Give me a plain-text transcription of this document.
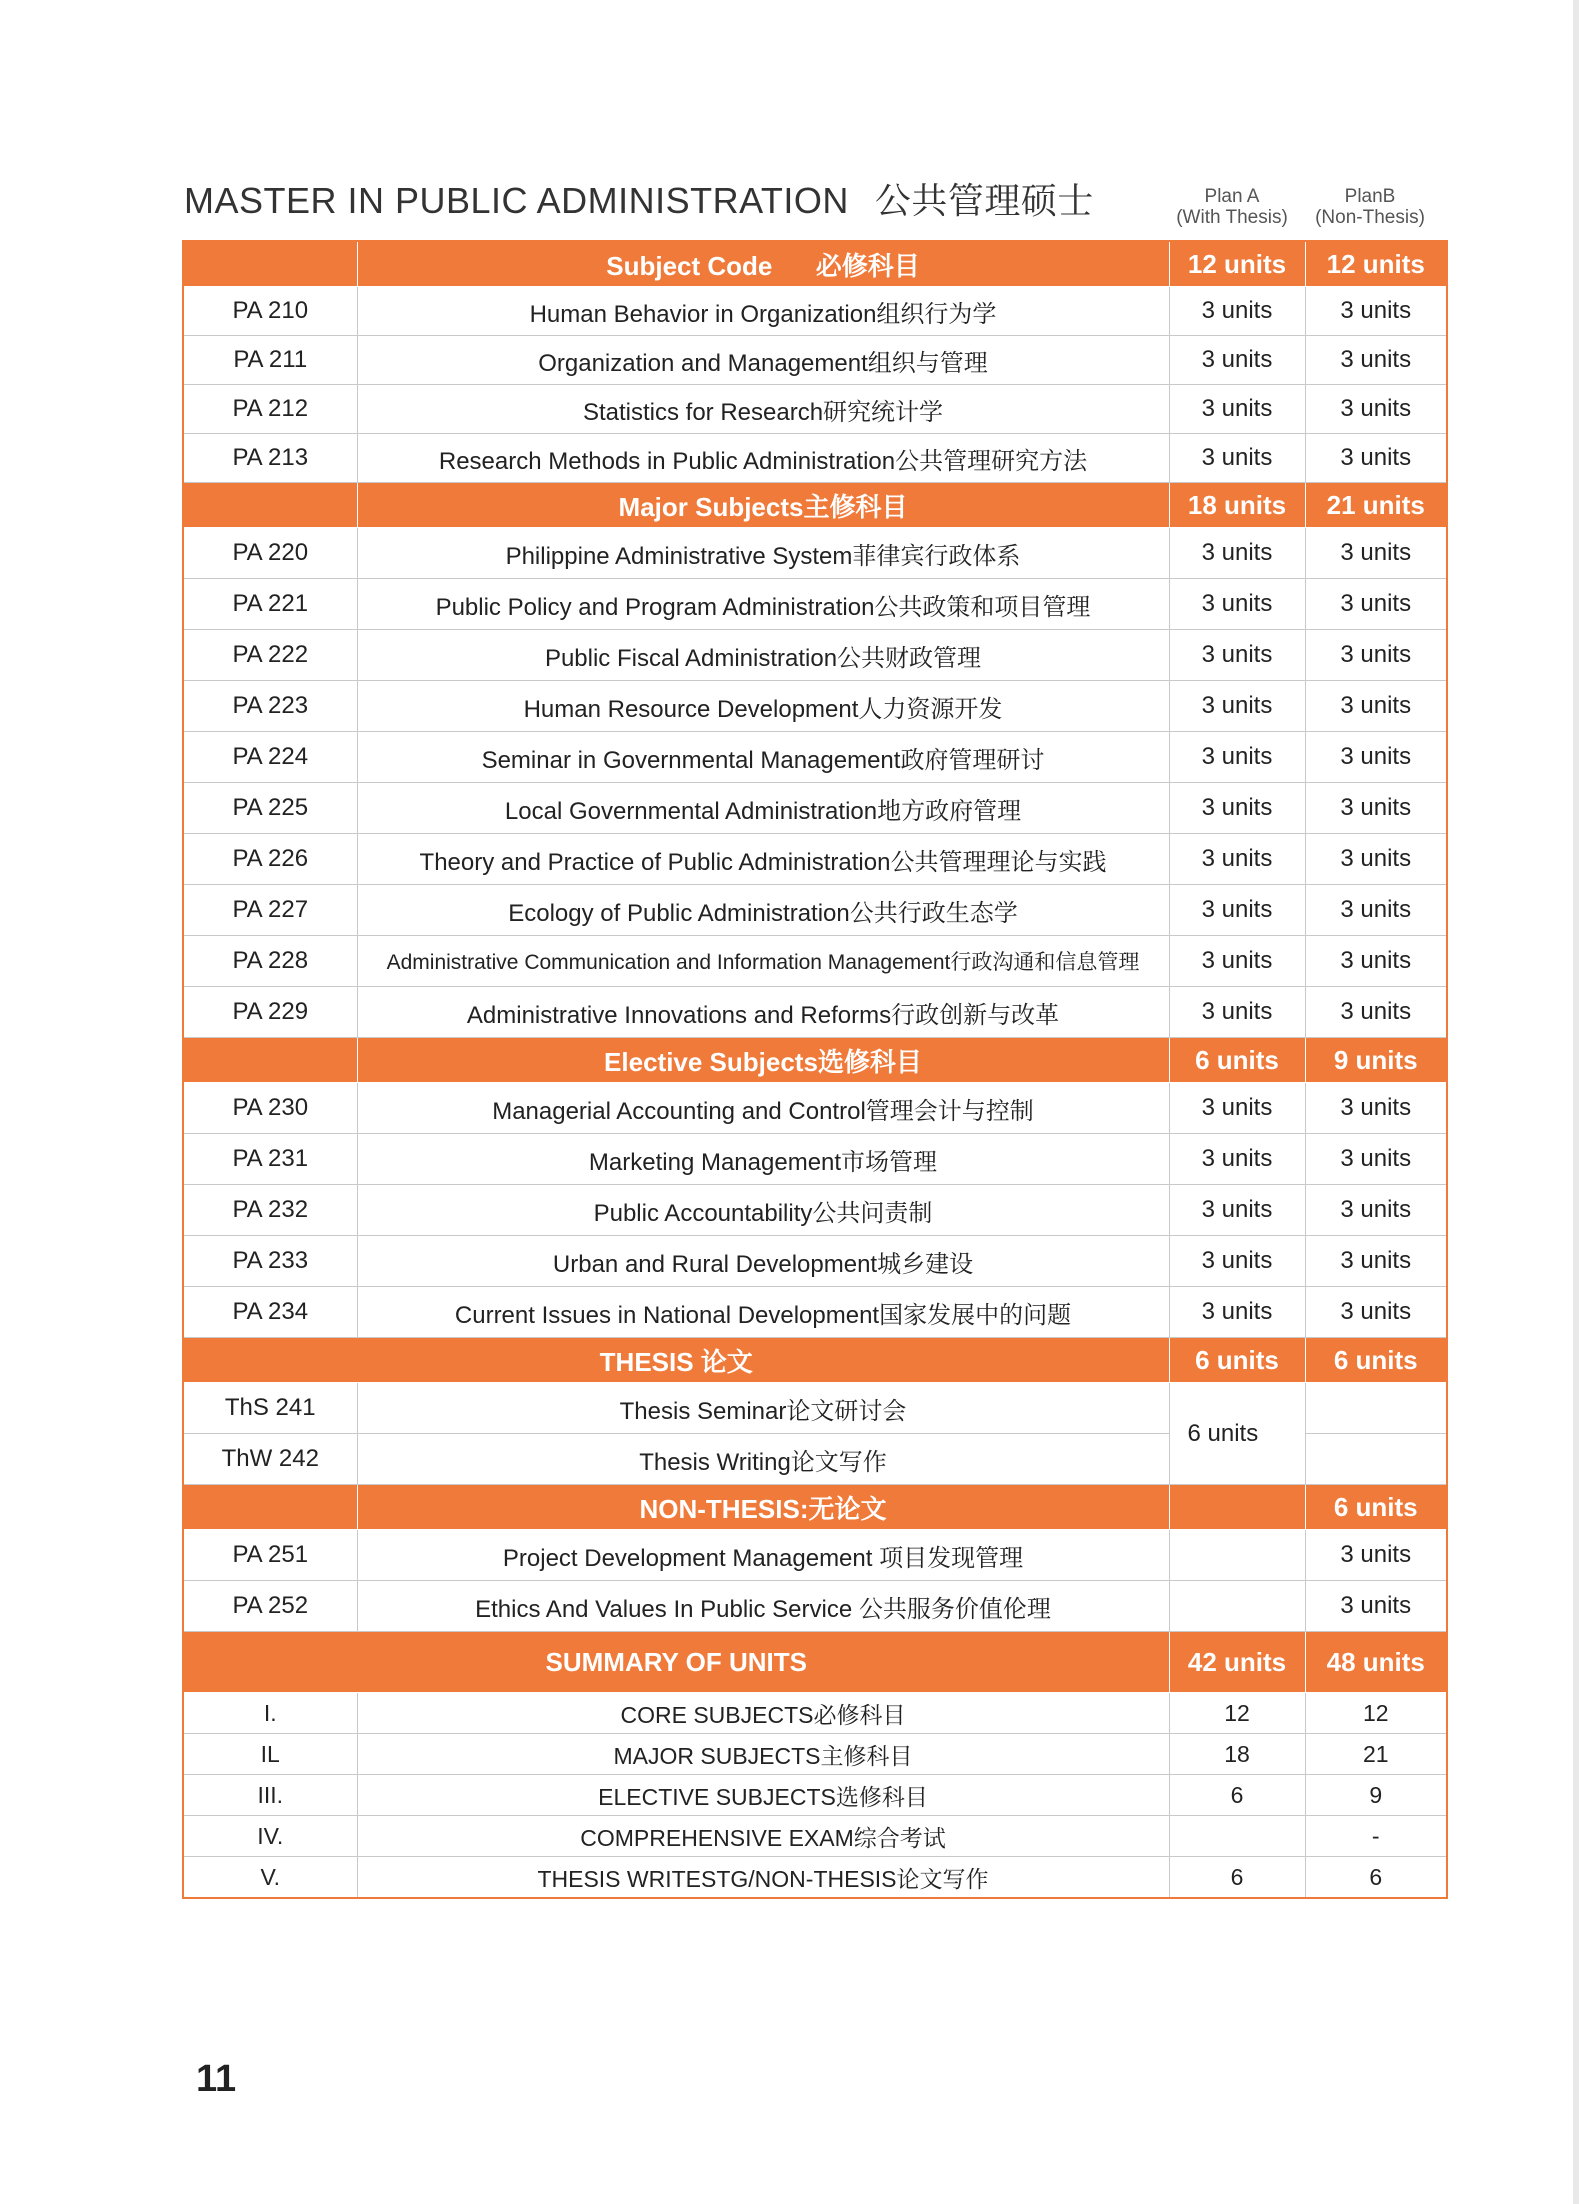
MASTER IN PUBLIC ADMINISTRATION 公共管理硕士	Plan A
(With Thesis)
PlanB
(Non-Thesis)
	Subject Code      必修科目	12 units	12 units
PA 210	Human Behavior in Organization组织行为学	3 units	3 units
PA 211	Organization and Management组织与管理	3 units	3 units
PA 212	Statistics for Research研究统计学	3 units	3 units
PA 213	Research Methods in Public Administration公共管理研究方法	3 units	3 units
	Major Subjects主修科目	18 units	21 units
PA 220	Philippine Administrative System菲律宾行政体系	3 units	3 units
PA 221	Public Policy and Program Administration公共政策和项目管理	3 units	3 units
PA 222	Public Fiscal Administration公共财政管理	3 units	3 units
PA 223	Human Resource Development人力资源开发	3 units	3 units
PA 224	Seminar in Governmental Management政府管理研讨	3 units	3 units
PA 225	Local Governmental Administration地方政府管理	3 units	3 units
PA 226	Theory and Practice of Public Administration公共管理理论与实践	3 units	3 units
PA 227	Ecology of Public Administration公共行政生态学	3 units	3 units
PA 228	Administrative Communication and Information Management行政沟通和信息管理	3 units	3 units
PA 229	Administrative Innovations and Reforms行政创新与改革	3 units	3 units
	Elective Subjects选修科目	6 units	9 units
PA 230	Managerial Accounting and Control管理会计与控制	3 units	3 units
PA 231	Marketing Management市场管理	3 units	3 units
PA 232	Public Accountability公共问责制	3 units	3 units
PA 233	Urban and Rural Development城乡建设	3 units	3 units
PA 234	Current Issues in National Development国家发展中的问题	3 units	3 units
THESIS 论文		6 units	6 units
ThS 241	Thesis Seminar论文研讨会	6 units	
ThW 242	Thesis Writing论文写作		
	NON-THESIS:无论文		6 units
PA 251	Project Development Management 项目发现管理		3 units
PA 252	Ethics And Values In Public Service 公共服务价值伦理		3 units
SUMMARY OF UNITS		42 units	48 units
I.	CORE SUBJECTS必修科目	12	12
IL	MAJOR SUBJECTS主修科目	18	21
III.	ELECTIVE SUBJECTS选修科目	6	9
IV.	COMPREHENSIVE EXAM综合考试		-
V.	THESIS WRITESTG/NON-THESIS论文写作	6	6
11
